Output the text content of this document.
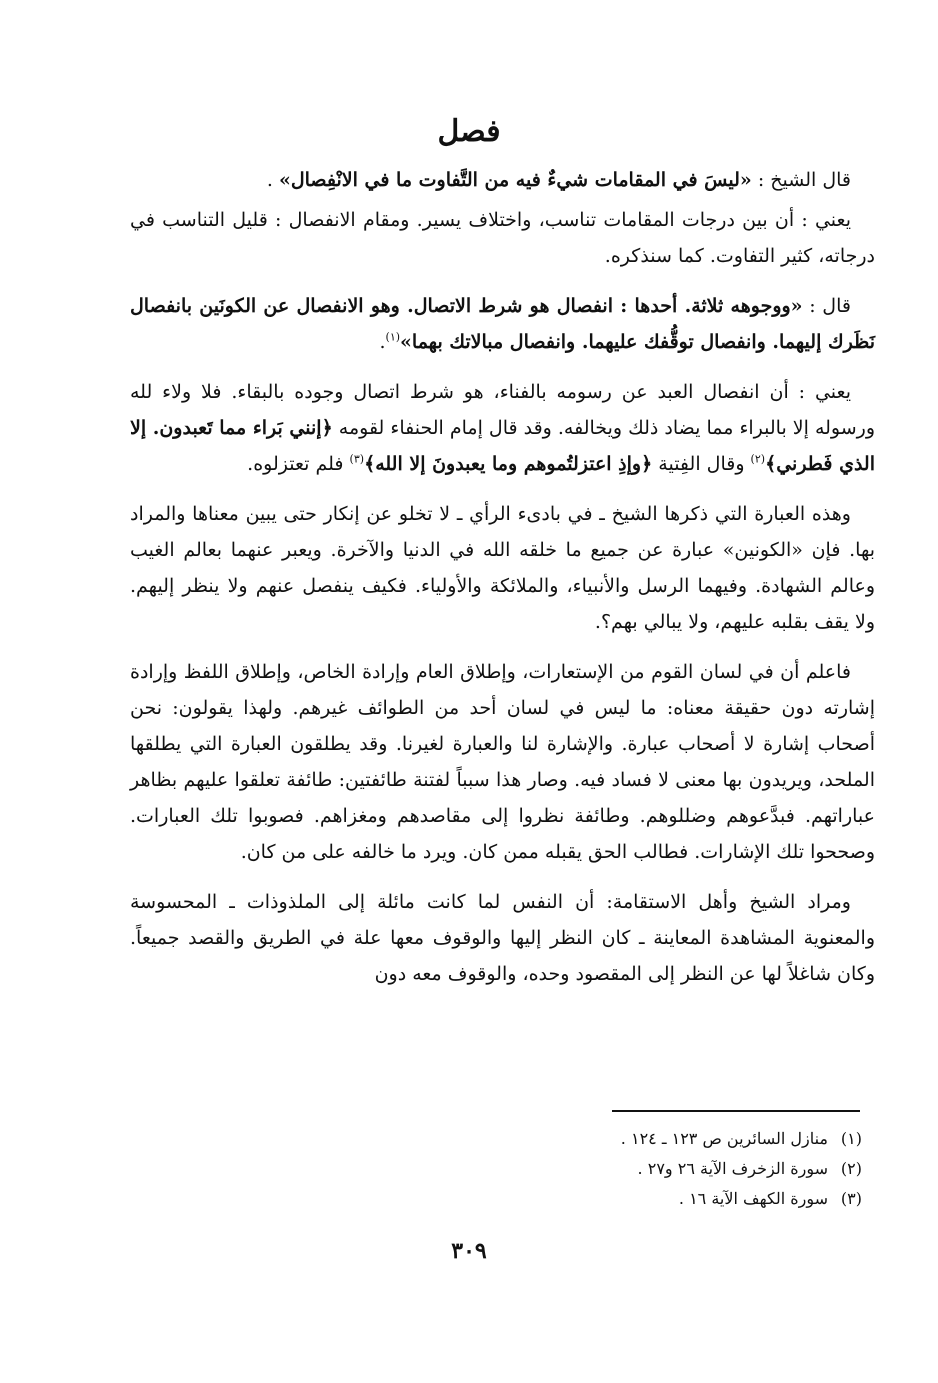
فصل

قال الشيخ : «ليسَ في المقامات شيءٌ فيه من التَّفاوت ما في الانْفِصال» .

يعني : أن بين درجات المقامات تناسب، واختلاف يسير. ومقام الانفصال : قليل التناسب في درجاته، كثير التفاوت. كما سنذكره.

قال : «ووجوهه ثلاثة. أحدها : انفصال هو شرط الاتصال. وهو الانفصال عن الكونَين بانفصال نَظَرك إليهما. وانفصال توقُّفك عليهما. وانفصال مبالاتك بهما»$^{(١)}$.

يعني : أن انفصال العبد عن رسومه بالفناء، هو شرط اتصال وجوده بالبقاء. فلا ولاء لله ورسوله إلا بالبراء مما يضاد ذلك ويخالفه. وقد قال إمام الحنفاء لقومه ﴿إنني بَراء مما تَعبدون. إلا الذي فَطرني﴾$^{(٢)}$ وقال الفِتية ﴿وإذِ اعتزلتُموهم وما يعبدونَ إلا الله﴾$^{(٣)}$ فلم تعتزلوه.

وهذه العبارة التي ذكرها الشيخ ـ في بادىء الرأي ـ لا تخلو عن إنكار حتى يبين معناها والمراد بها. فإن «الكونين» عبارة عن جميع ما خلقه الله في الدنيا والآخرة. ويعبر عنهما بعالم الغيب وعالم الشهادة. وفيهما الرسل والأنبياء، والملائكة والأولياء. فكيف ينفصل عنهم ولا ينظر إليهم. ولا يقف بقلبه عليهم، ولا يبالي بهم؟.

فاعلم أن في لسان القوم من الإستعارات، وإطلاق العام وإرادة الخاص، وإطلاق اللفظ وإرادة إشارته دون حقيقة معناه: ما ليس في لسان أحد من الطوائف غيرهم. ولهذا يقولون: نحن أصحاب إشارة لا أصحاب عبارة. والإشارة لنا والعبارة لغيرنا. وقد يطلقون العبارة التي يطلقها الملحد، ويريدون بها معنى لا فساد فيه. وصار هذا سبباً لفتنة طائفتين: طائفة تعلقوا عليهم بظاهر عباراتهم. فبدَّعوهم وضللوهم. وطائفة نظروا إلى مقاصدهم ومغزاهم. فصوبوا تلك العبارات. وصححوا تلك الإشارات. فطالب الحق يقبله ممن كان. ويرد ما خالفه على من كان.

ومراد الشيخ وأهل الاستقامة: أن النفس لما كانت مائلة إلى الملذوذات ـ المحسوسة والمعنوية المشاهدة المعاينة ـ كان النظر إليها والوقوف معها علة في الطريق والقصد جميعاً. وكان شاغلاً لها عن النظر إلى المقصود وحده، والوقوف معه دون

(١)منازل السائرين ص ١٢٣ ـ ١٢٤ .

(٢)سورة الزخرف الآية ٢٦ و٢٧ .

(٣)سورة الكهف الآية ١٦ .

٣٠٩
